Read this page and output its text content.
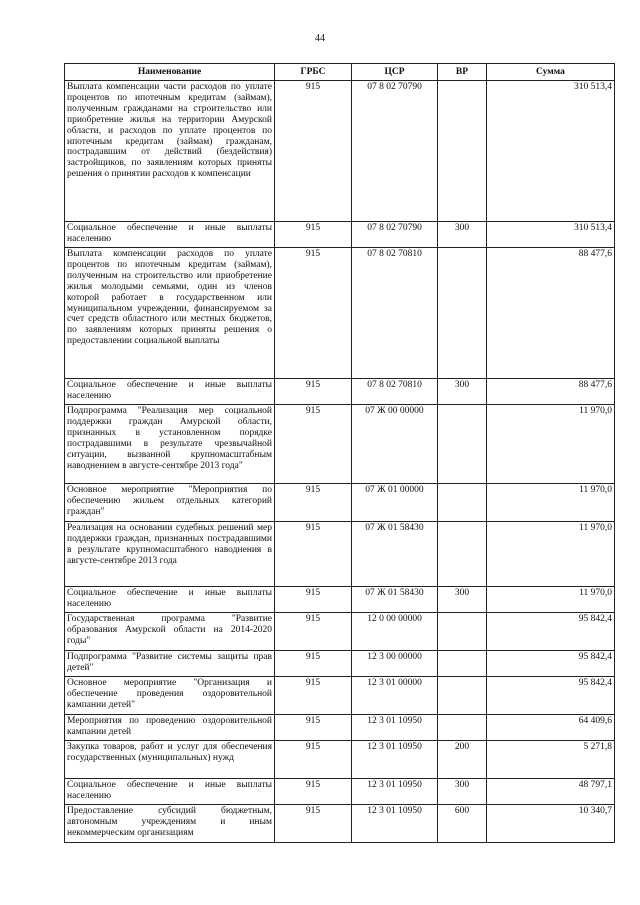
44
Наименование	ГРБС	ЦСР	ВР	Сумма
Выплата компенсации части расходов по уплате процентов по ипотечным кредитам (займам), полученным гражданами на строительство или приобретение жилья на территории Амурской области, и расходов по уплате процентов по ипотечным кредитам (займам) гражданам, пострадавшим от действий (бездействия) застройщиков, по заявлениям которых приняты решения о принятии расходов к компенсации	915	07 8 02 70790		310 513,4
Социальное обеспечение и иные выплаты населению	915	07 8 02 70790	300	310 513,4
Выплата компенсации расходов по уплате процентов по ипотечным кредитам (займам), полученным на строительство или приобретение жилья молодыми семьями, один из членов которой работает в государственном или муниципальном учреждении, финансируемом за счет средств областного или местных бюджетов, по заявлениям которых приняты решения о предоставлении социальной выплаты	915	07 8 02 70810		88 477,6
Социальное обеспечение и иные выплаты населению	915	07 8 02 70810	300	88 477,6
Подпрограмма "Реализация мер социальной поддержки граждан Амурской области, признанных в установленном порядке пострадавшими в результате чрезвычайной ситуации, вызванной крупномасштабным наводнением в августе-сентябре 2013 года"	915	07 Ж 00 00000		11 970,0
Основное мероприятие "Мероприятия по обеспечению жильем отдельных категорий граждан"	915	07 Ж 01 00000		11 970,0
Реализация на основании судебных решений мер поддержки граждан, признанных пострадавшими в результате крупномасштабного наводнения в августе-сентябре 2013 года	915	07 Ж 01 58430		11 970,0
Социальное обеспечение и иные выплаты населению	915	07 Ж 01 58430	300	11 970,0
Государственная программа "Развитие образования Амурской области на 2014-2020 годы"	915	12 0 00 00000		95 842,4
Подпрограмма "Развитие системы защиты прав детей"	915	12 3 00 00000		95 842,4
Основное мероприятие "Организация и обеспечение проведения оздоровительной кампании детей"	915	12 3 01 00000		95 842,4
Мероприятия по проведению оздоровительной кампании детей	915	12 3 01 10950		64 409,6
Закупка товаров, работ и услуг для обеспечения государственных (муниципальных) нужд	915	12 3 01 10950	200	5 271,8
Социальное обеспечение и иные выплаты населению	915	12 3 01 10950	300	48 797,1
Предоставление субсидий бюджетным, автономным учреждениям и иным некоммерческим организациям	915	12 3 01 10950	600	10 340,7
